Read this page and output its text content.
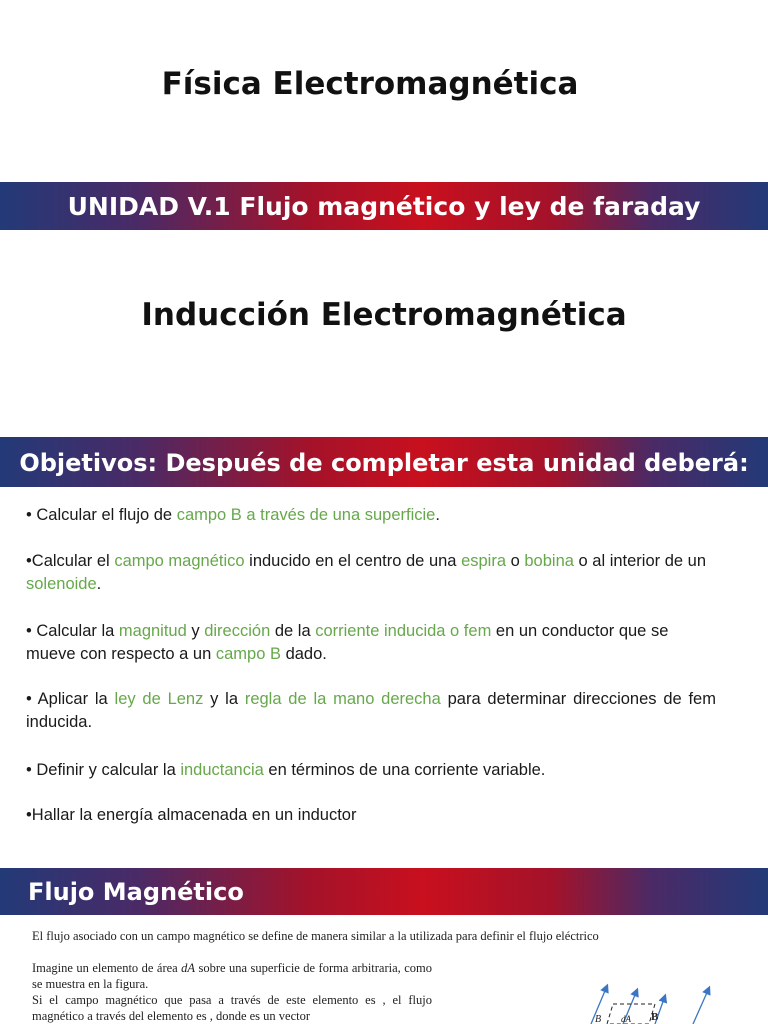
Física Electromagnética
UNIDAD V.1 Flujo magnético y ley de faraday
Inducción Electromagnética
Objetivos: Después de completar esta unidad deberá:
• Calcular el flujo de campo B a través de una superficie.
•Calcular el campo magnético inducido en el centro de una espira o bobina o al interior de un solenoide.
• Calcular la magnitud y dirección de la corriente inducida o fem en un conductor que se mueve con respecto a un campo B dado.
• Aplicar la ley de Lenz y la regla de la mano derecha para determinar direcciones de fem inducida.
• Definir y calcular la inductancia en términos de una corriente variable.
•Hallar la energía almacenada en un inductor
Flujo Magnético
El flujo asociado con un campo magnético se define de manera similar a la utilizada para definir el flujo eléctrico
Imagine un elemento de área dA sobre una superficie de forma arbitraria, como se muestra en la figura.
Si el campo magnético que pasa a través de este elemento es , el flujo magnético a través del elemento es , donde es un vector	B dA B⃗
